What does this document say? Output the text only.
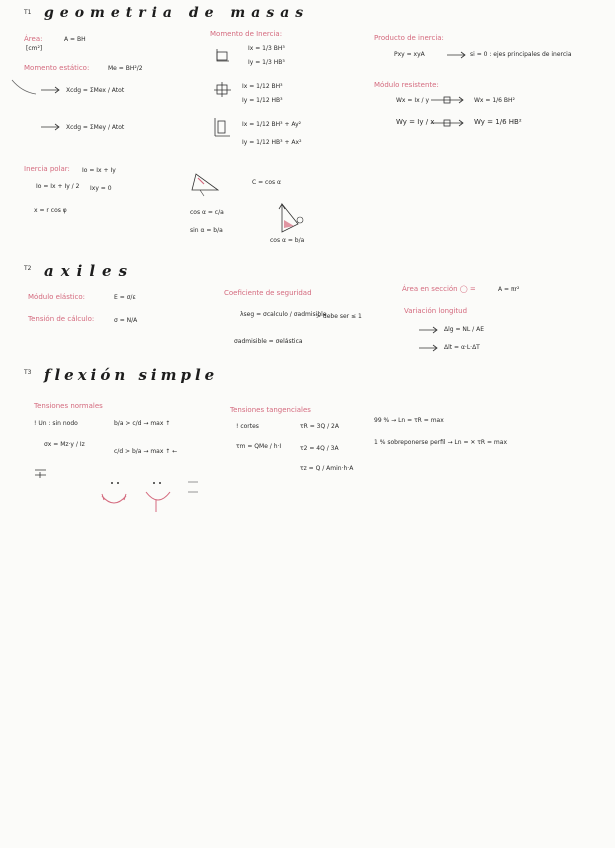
T1 geometria de masas
Área:	A = BH
[cm²]
Momento estático:	Me = BH²/2
Xcdg = ΣMex / Atot
Xcdg = ΣMey / Atot
Momento de Inercia:
Ix = 1/3 BH³
Iy = 1/3 HB³
Ix = 1/12 BH³
Iy = 1/12 HB³
Ix = 1/12 BH³ + Ay²
Iy = 1/12 HB³ + Ax²
Producto de inercia:
Pxy = xyA	si = 0 : ejes principales de inercia
Módulo resistente:
Wx = Ix / y	Wx = 1/6 BH²
Wy = Iy / x	Wy = 1/6 HB²
Inercia polar: Io = Ix + Iy
Io = Ix + Iy / 2 Ixy = 0
x = r cos φ
C = cos α
cos α = c/a
sin α = b/a
cos α = b/a
T2 axiles
Módulo elástico:	E = σ/ε
Tensión de cálculo:	σ = N/A
Coeficiente de seguridad
λseg = σcalculo / σadmisible
> debe ser ≤ 1
σadmisible = σelástica
Área en sección ◯ =	A = πr²
Variación longitud
Δlg = NL / AE
Δlt = α·L·ΔT
T3 flexión simple
Tensiones normales
! Un : sin nodo
σx = Mz·y / Iz
b/a > c/d → max ↑
c/d > b/a → max ↑ ←
Tensiones tangenciales
! cortes
τm = QMe / h·I
τR = 3Q / 2A
τ2 = 4Q / 3A
τz = Q / Amin·h·A
99 % → Ln = τR = max
1 % sobreponerse perfil → Ln = ✕ τR = max
